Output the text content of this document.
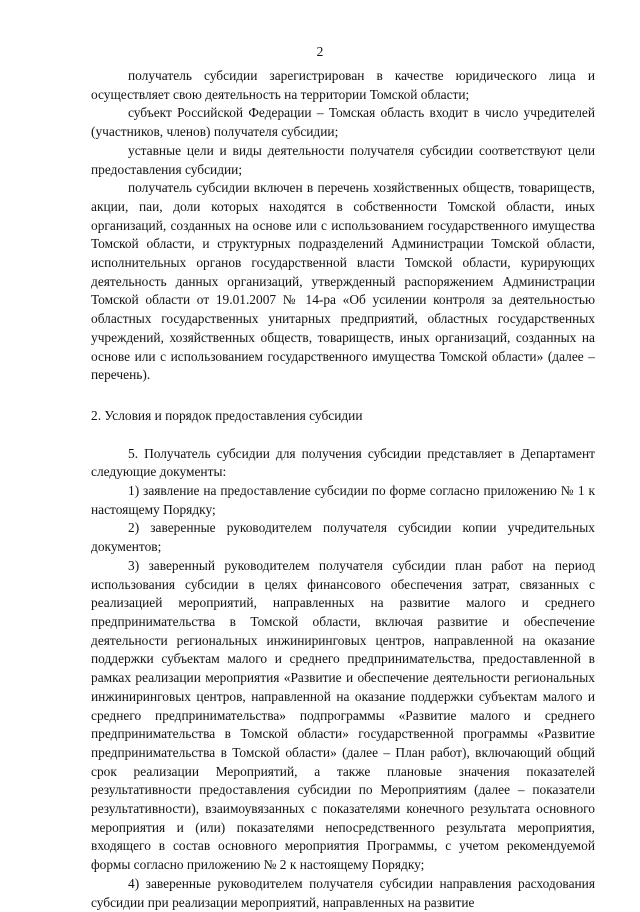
2

получатель субсидии зарегистрирован в качестве юридического лица и осуществляет свою деятельность на территории Томской области;

субъект Российской Федерации – Томская область входит в число учредителей (участников, членов) получателя субсидии;

уставные цели и виды деятельности получателя субсидии соответствуют цели предоставления субсидии;

получатель субсидии включен в перечень хозяйственных обществ, товариществ, акции, паи, доли которых находятся в собственности Томской области, иных организаций, созданных на основе или с использованием государственного имущества Томской области, и структурных подразделений Администрации Томской области, исполнительных органов государственной власти Томской области, курирующих деятельность данных организаций, утвержденный распоряжением Администрации Томской области от 19.01.2007 № 14-ра «Об усилении контроля за деятельностью областных государственных унитарных предприятий, областных государственных учреждений, хозяйственных обществ, товариществ, иных организаций, созданных на основе или с использованием государственного имущества Томской области» (далее – перечень).

2. Условия и порядок предоставления субсидии

5. Получатель субсидии для получения субсидии представляет в Департамент следующие документы:

1) заявление на предоставление субсидии по форме согласно приложению № 1 к настоящему Порядку;

2) заверенные руководителем получателя субсидии копии учредительных документов;

3) заверенный руководителем получателя субсидии план работ на период использования субсидии в целях финансового обеспечения затрат, связанных с реализацией мероприятий, направленных на развитие малого и среднего предпринимательства в Томской области, включая развитие и обеспечение деятельности региональных инжиниринговых центров, направленной на оказание поддержки субъектам малого и среднего предпринимательства, предоставленной в рамках реализации мероприятия «Развитие и обеспечение деятельности региональных инжиниринговых центров, направленной на оказание поддержки субъектам малого и среднего предпринимательства» подпрограммы «Развитие малого и среднего предпринимательства в Томской области» государственной программы «Развитие предпринимательства в Томской области» (далее – План работ), включающий общий срок реализации Мероприятий, а также плановые значения показателей результативности предоставления субсидии по Мероприятиям (далее – показатели результативности), взаимоувязанных с показателями конечного результата основного мероприятия и (или) показателями непосредственного результата мероприятия, входящего в состав основного мероприятия Программы, с учетом рекомендуемой формы согласно приложению № 2 к настоящему Порядку;

4) заверенные руководителем получателя субсидии направления расходования субсидии при реализации мероприятий, направленных на развитие
